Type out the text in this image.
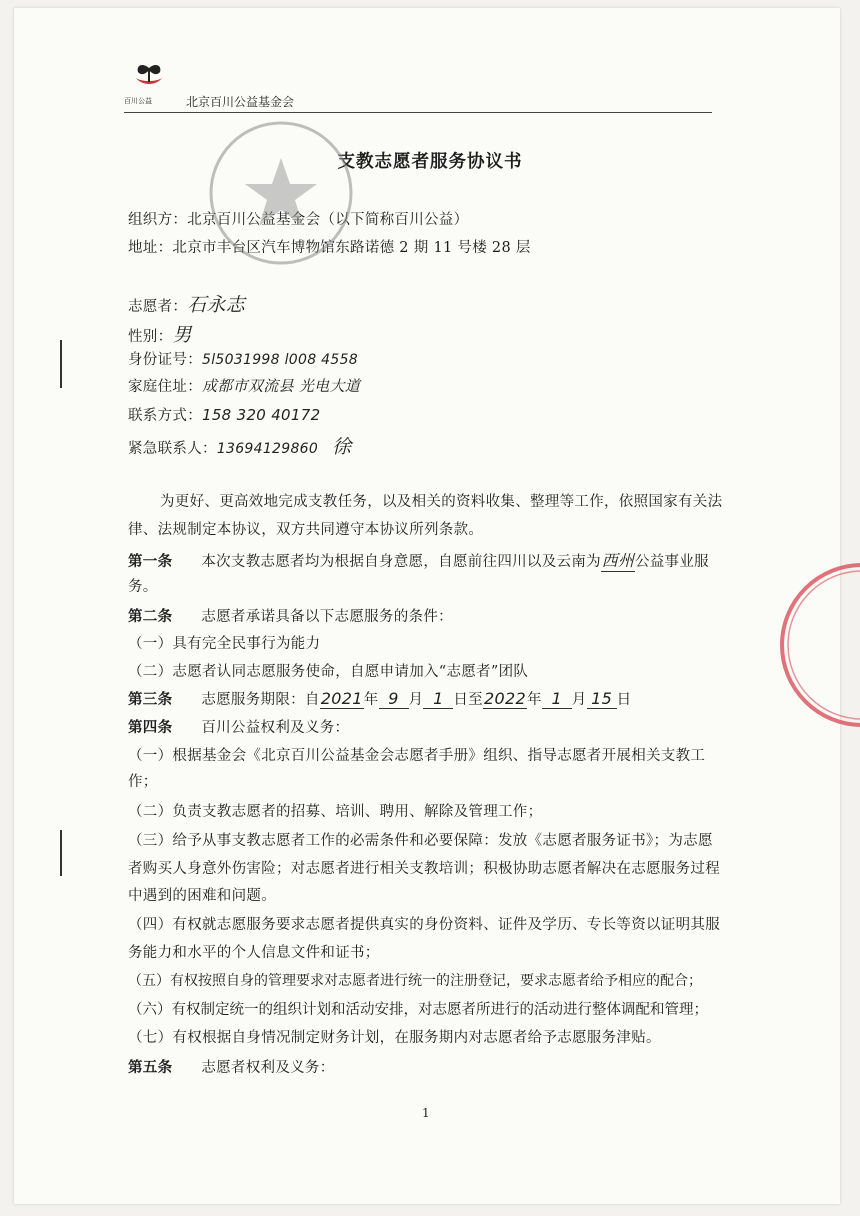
百川公益	北京百川公益基金会
支教志愿者服务协议书
组织方：北京百川公益基金会（以下简称百川公益）
地址：北京市丰台区汽车博物馆东路诺德 2 期 11 号楼 28 层
志愿者：石永志
性别：男
身份证号：5l5031998 l008 4558
家庭住址：成都市双流县 光电大道
联系方式：158 320 40172
紧急联系人：13694129860 徐
为更好、更高效地完成支教任务，以及相关的资料收集、整理等工作，依照国家有关法
律、法规制定本协议，双方共同遵守本协议所列条款。
第一条 本次支教志愿者均为根据自身意愿，自愿前往四川以及云南为西州公益事业服
务。
第二条 志愿者承诺具备以下志愿服务的条件：
（一）具有完全民事行为能力
（二）志愿者认同志愿服务使命，自愿申请加入“志愿者”团队
第三条 志愿服务期限：自2021年 9 月 1 日至2022年 1 月 15 日
第四条 百川公益权利及义务：
（一）根据基金会《北京百川公益基金会志愿者手册》组织、指导志愿者开展相关支教工
作；
（二）负责支教志愿者的招募、培训、聘用、解除及管理工作；
（三）给予从事支教志愿者工作的必需条件和必要保障：发放《志愿者服务证书》；为志愿
者购买人身意外伤害险；对志愿者进行相关支教培训；积极协助志愿者解决在志愿服务过程
中遇到的困难和问题。
（四）有权就志愿服务要求志愿者提供真实的身份资料、证件及学历、专长等资以证明其服
务能力和水平的个人信息文件和证书；
（五）有权按照自身的管理要求对志愿者进行统一的注册登记，要求志愿者给予相应的配合；
（六）有权制定统一的组织计划和活动安排，对志愿者所进行的活动进行整体调配和管理；
（七）有权根据自身情况制定财务计划，在服务期内对志愿者给予志愿服务津贴。
第五条 志愿者权利及义务：
1
